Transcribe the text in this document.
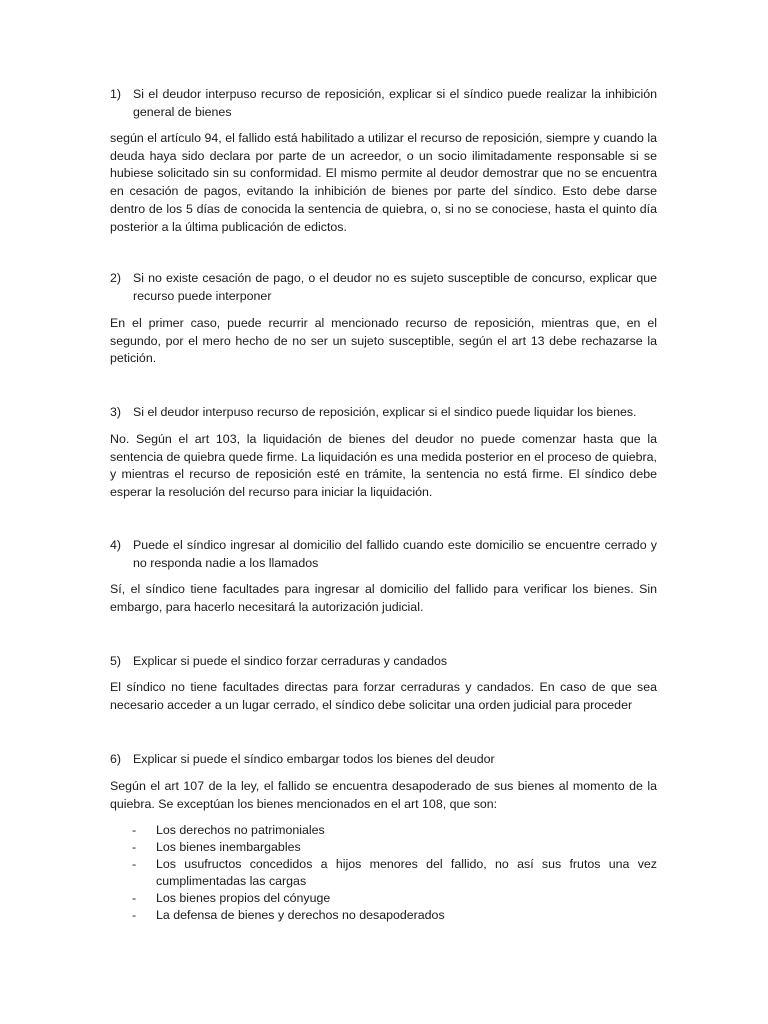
1) Si el deudor interpuso recurso de reposición, explicar si el síndico puede realizar la inhibición general de bienes

según el artículo 94, el fallido está habilitado a utilizar el recurso de reposición, siempre y cuando la deuda haya sido declara por parte de un acreedor, o un socio ilimitadamente responsable si se hubiese solicitado sin su conformidad. El mismo permite al deudor demostrar que no se encuentra en cesación de pagos, evitando la inhibición de bienes por parte del síndico. Esto debe darse dentro de los 5 días de conocida la sentencia de quiebra, o, si no se conociese, hasta el quinto día posterior a la última publicación de edictos.

2) Si no existe cesación de pago, o el deudor no es sujeto susceptible de concurso, explicar que recurso puede interponer

En el primer caso, puede recurrir al mencionado recurso de reposición, mientras que, en el segundo, por el mero hecho de no ser un sujeto susceptible, según el art 13 debe rechazarse la petición.

3) Si el deudor interpuso recurso de reposición, explicar si el sindico puede liquidar los bienes.

No. Según el art 103, la liquidación de bienes del deudor no puede comenzar hasta que la sentencia de quiebra quede firme. La liquidación es una medida posterior en el proceso de quiebra, y mientras el recurso de reposición esté en trámite, la sentencia no está firme. El síndico debe esperar la resolución del recurso para iniciar la liquidación.

4) Puede el síndico ingresar al domicilio del fallido cuando este domicilio se encuentre cerrado y no responda nadie a los llamados

Sí, el síndico tiene facultades para ingresar al domicilio del fallido para verificar los bienes. Sin embargo, para hacerlo necesitará la autorización judicial.

5) Explicar si puede el sindico forzar cerraduras y candados

El síndico no tiene facultades directas para forzar cerraduras y candados. En caso de que sea necesario acceder a un lugar cerrado, el síndico debe solicitar una orden judicial para proceder

6) Explicar si puede el síndico embargar todos los bienes del deudor

Según el art 107 de la ley, el fallido se encuentra desapoderado de sus bienes al momento de la quiebra. Se exceptúan los bienes mencionados en el art 108, que son:

- Los derechos no patrimoniales
- Los bienes inembargables
- Los usufructos concedidos a hijos menores del fallido, no así sus frutos una vez cumplimentadas las cargas
- Los bienes propios del cónyuge
- La defensa de bienes y derechos no desapoderados
